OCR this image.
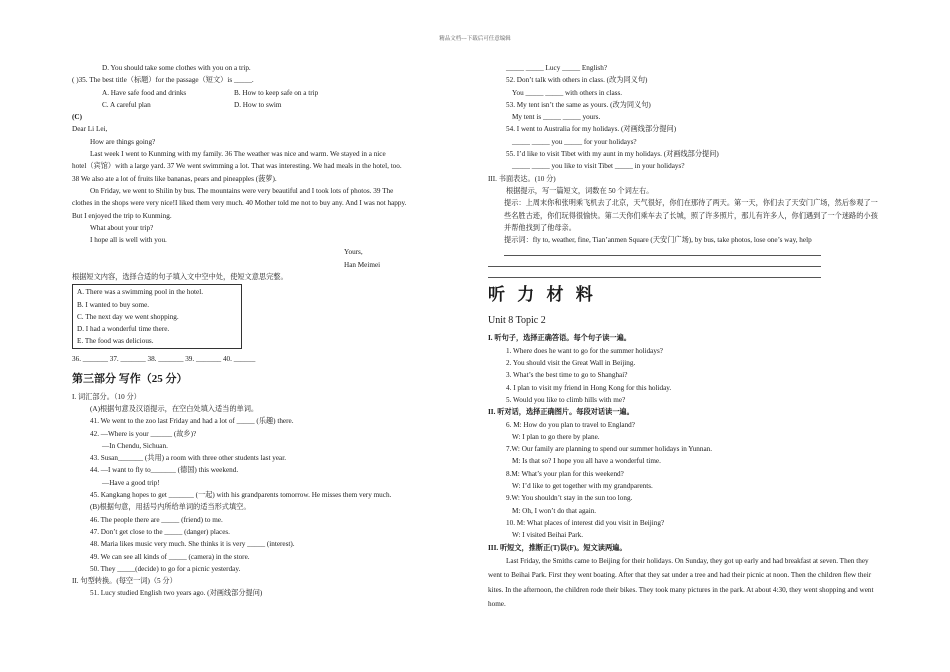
精品文档---下载后可任意编辑
D. You should take some clothes with you on a trip.
( )35. The best title（标题）for the passage（短文）is _____.
A. Have safe food and drinks	B. How to keep safe on a trip
C. A careful plan	D. How to swim
(C)
Dear Li Lei,
How are things going?
Last week I went to Kunming with my family. 36 The weather was nice and warm. We stayed in a nice
hotel（宾馆）with a large yard. 37 We went swimming a lot. That was interesting. We had meals in the hotel, too.
38 We also ate a lot of fruits like bananas, pears and pineapples (菠萝).
On Friday, we went to Shilin by bus. The mountains were very beautiful and I took lots of photos. 39 The
clothes in the shops were very nice!I liked them very much. 40 Mother told me not to buy any. And I was not happy.
But I enjoyed the trip to Kunming.
What about your trip?
I hope all is well with you.
Yours,
Han Meimei
根据短文内容，选择合适的句子填入文中空中处，使短文意思完整。
A. There was a swimming pool in the hotel.
B. I wanted to buy some.
C. The next day we went shopping.
D. I had a wonderful time there.
E. The food was delicious.
36. _______ 37. _______ 38. _______ 39. _______ 40. ______
第三部分 写作（25 分）
I. 词汇部分。（10 分）
(A)根据句意及汉语提示，在空白处填入适当的单词。
41. We went to the zoo last Friday and had a lot of _____ (乐趣) there.
42. —Where is your ______ (故乡)?
—In Chendu, Sichuan.
43. Susan_______ (共用) a room with three other students last year.
44. —I want to fly to_______ (德国) this weekend.
—Have a good trip!
45. Kangkang hopes to get _______ (一起) with his grandparents tomorrow. He misses them very much.
(B)根据句意，用括号内所给单词的适当形式填空。
46. The people there are _____ (friend) to me.
47. Don’t get close to the _____ (danger) places.
48. Maria likes music very much. She thinks it is very _____ (interest).
49. We can see all kinds of _____ (camera) in the store.
50. They _____(decide) to go for a picnic yesterday.
II. 句型转换。(每空一词)（5 分）
51. Lucy studied English two years ago. (对画线部分提问)
_____ _____ Lucy _____ English?
52. Don’t talk with others in class. (改为同义句)
You _____ _____ with others in class.
53. My tent isn’t the same as yours. (改为同义句)
My tent is _____ _____ yours.
54. I went to Australia for my holidays. (对画线部分提问)
_____ _____ you _____ for your holidays?
55. I’d like to visit Tibet with my aunt in my holidays. (对画线部分提问)
_____ _____ you like to visit Tibet _____ in your holidays?
III. 书面表达。(10 分)
根据提示，写一篇短文，词数在 50 个词左右。
提示：上周末你和张明乘飞机去了北京，天气很好，你们在那待了两天。第一天，你们去了天安门广场，然后参观了一些名胜古迹，你们玩得很愉快。第二天你们乘车去了长城，照了许多照片，那儿有许多人，你们遇到了一个迷路的小孩并帮他找到了他母亲。
提示词：fly to, weather, fine, Tian’anmen Square (天安门广场), by bus, take photos, lose one’s way, help
听 力 材 料
Unit 8 Topic 2
I. 听句子，选择正确答语。每个句子读一遍。
1. Where does he want to go for the summer holidays?
2. You should visit the Great Wall in Beijing.
3. What’s the best time to go to Shanghai?
4. I plan to visit my friend in Hong Kong for this holiday.
5. Would you like to climb hills with me?
II. 听对话，选择正确图片。每段对话读一遍。
6. M: How do you plan to travel to England?
W: I plan to go there by plane.
7.W: Our family are planning to spend our summer holidays in Yunnan.
M: Is that so? I hope you all have a wonderful time.
8.M: What’s your plan for this weekend?
W: I’d like to get together with my grandparents.
9.W: You shouldn’t stay in the sun too long.
M: Oh, I won’t do that again.
10. M: What places of interest did you visit in Beijing?
W: I visited Beihai Park.
III. 听短文，推断正(T)误(F)。短文读两遍。
Last Friday, the Smiths came to Beijing for their holidays. On Sunday, they got up early and had breakfast at seven. Then they went to Beihai Park. First they went boating. After that they sat under a tree and had their picnic at noon. Then the children flew their kites. In the afternoon, the children rode their bikes. They took many pictures in the park. At about 4:30, they went shopping and went home.
